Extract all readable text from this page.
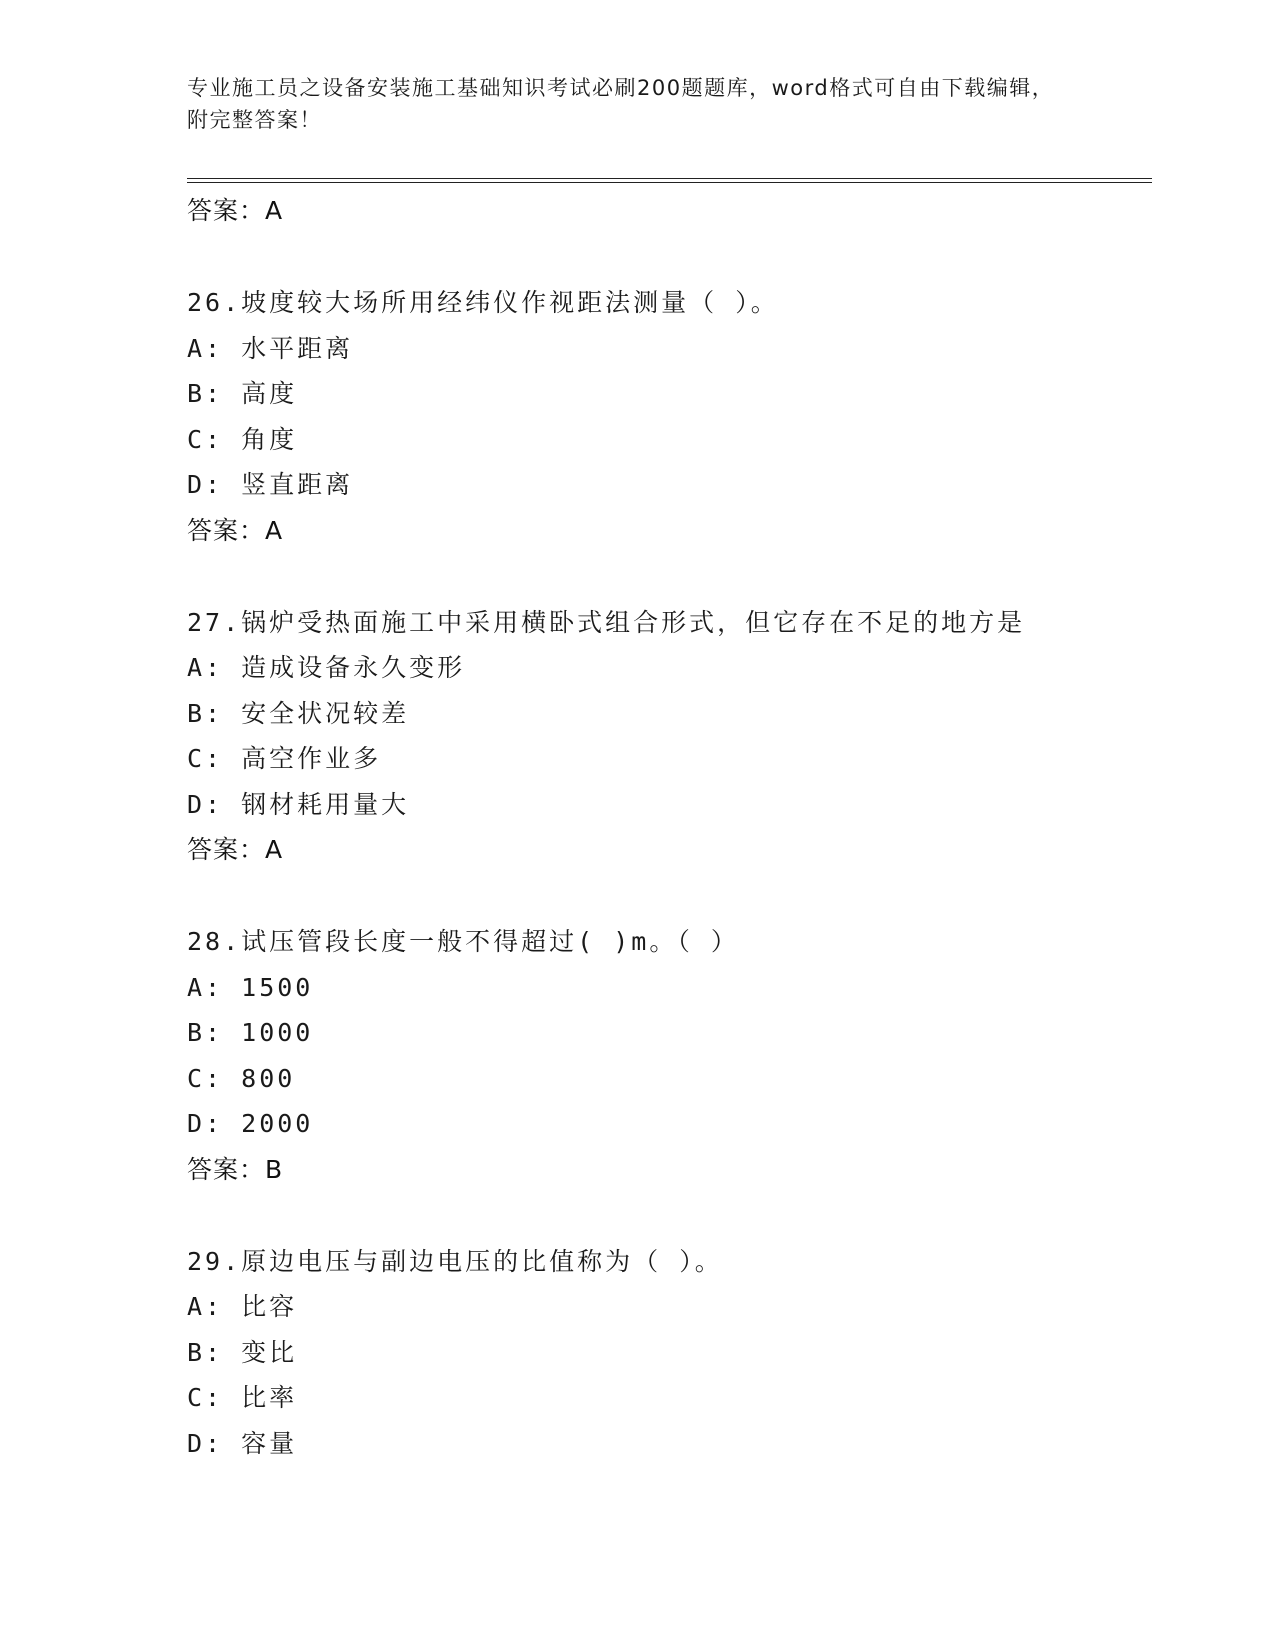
专业施工员之设备安装施工基础知识考试必刷200题题库，word格式可自由下载编辑，附完整答案！
答案：A
26.坡度较大场所用经纬仪作视距法测量（ ）。
A: 水平距离
B: 高度
C: 角度
D: 竖直距离
答案：A
27.锅炉受热面施工中采用横卧式组合形式，但它存在不足的地方是
A: 造成设备永久变形
B: 安全状况较差
C: 高空作业多
D: 钢材耗用量大
答案：A
28.试压管段长度一般不得超过( )m。（ ）
A: 1500
B: 1000
C: 800
D: 2000
答案：B
29.原边电压与副边电压的比值称为（ ）。
A: 比容
B: 变比
C: 比率
D: 容量
